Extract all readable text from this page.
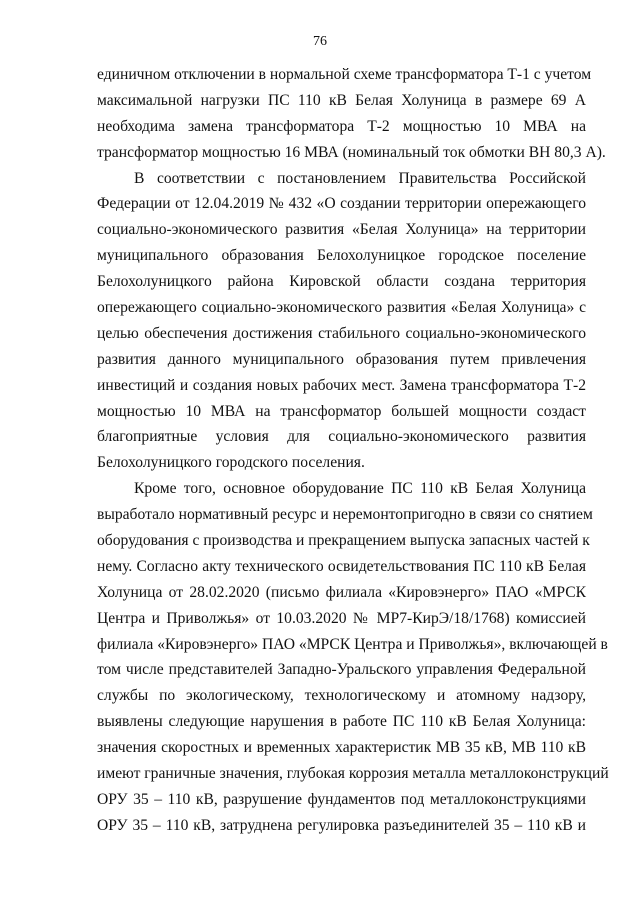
76
единичном отключении в нормальной схеме трансформатора Т-1 с учетом
максимальной нагрузки ПС 110 кВ Белая Холуница в размере 69 А
необходима замена трансформатора Т-2 мощностью 10 МВА на
трансформатор мощностью 16 МВА (номинальный ток обмотки ВН 80,3 А).
В соответствии с постановлением Правительства Российской
Федерации от 12.04.2019 № 432 «О создании территории опережающего
социально-экономического развития «Белая Холуница» на территории
муниципального образования Белохолуницкое городское поселение
Белохолуницкого района Кировской области создана территория
опережающего социально-экономического развития «Белая Холуница» с
целью обеспечения достижения стабильного социально-экономического
развития данного муниципального образования путем привлечения
инвестиций и создания новых рабочих мест. Замена трансформатора Т-2
мощностью 10 МВА на трансформатор большей мощности создаст
благоприятные условия для социально-экономического развития
Белохолуницкого городского поселения.
Кроме того, основное оборудование ПС 110 кВ Белая Холуница
выработало нормативный ресурс и неремонтопригодно в связи со снятием
оборудования с производства и прекращением выпуска запасных частей к
нему. Согласно акту технического освидетельствования ПС 110 кВ Белая
Холуница от 28.02.2020 (письмо филиала «Кировэнерго» ПАО «МРСК
Центра и Приволжья» от 10.03.2020 № МР7-КирЭ/18/1768) комиссией
филиала «Кировэнерго» ПАО «МРСК Центра и Приволжья», включающей в
том числе представителей Западно-Уральского управления Федеральной
службы по экологическому, технологическому и атомному надзору,
выявлены следующие нарушения в работе ПС 110 кВ Белая Холуница:
значения скоростных и временных характеристик МВ 35 кВ, МВ 110 кВ
имеют граничные значения, глубокая коррозия металла металлоконструкций
ОРУ 35 – 110 кВ, разрушение фундаментов под металлоконструкциями
ОРУ 35 – 110 кВ, затруднена регулировка разъединителей 35 – 110 кВ и
